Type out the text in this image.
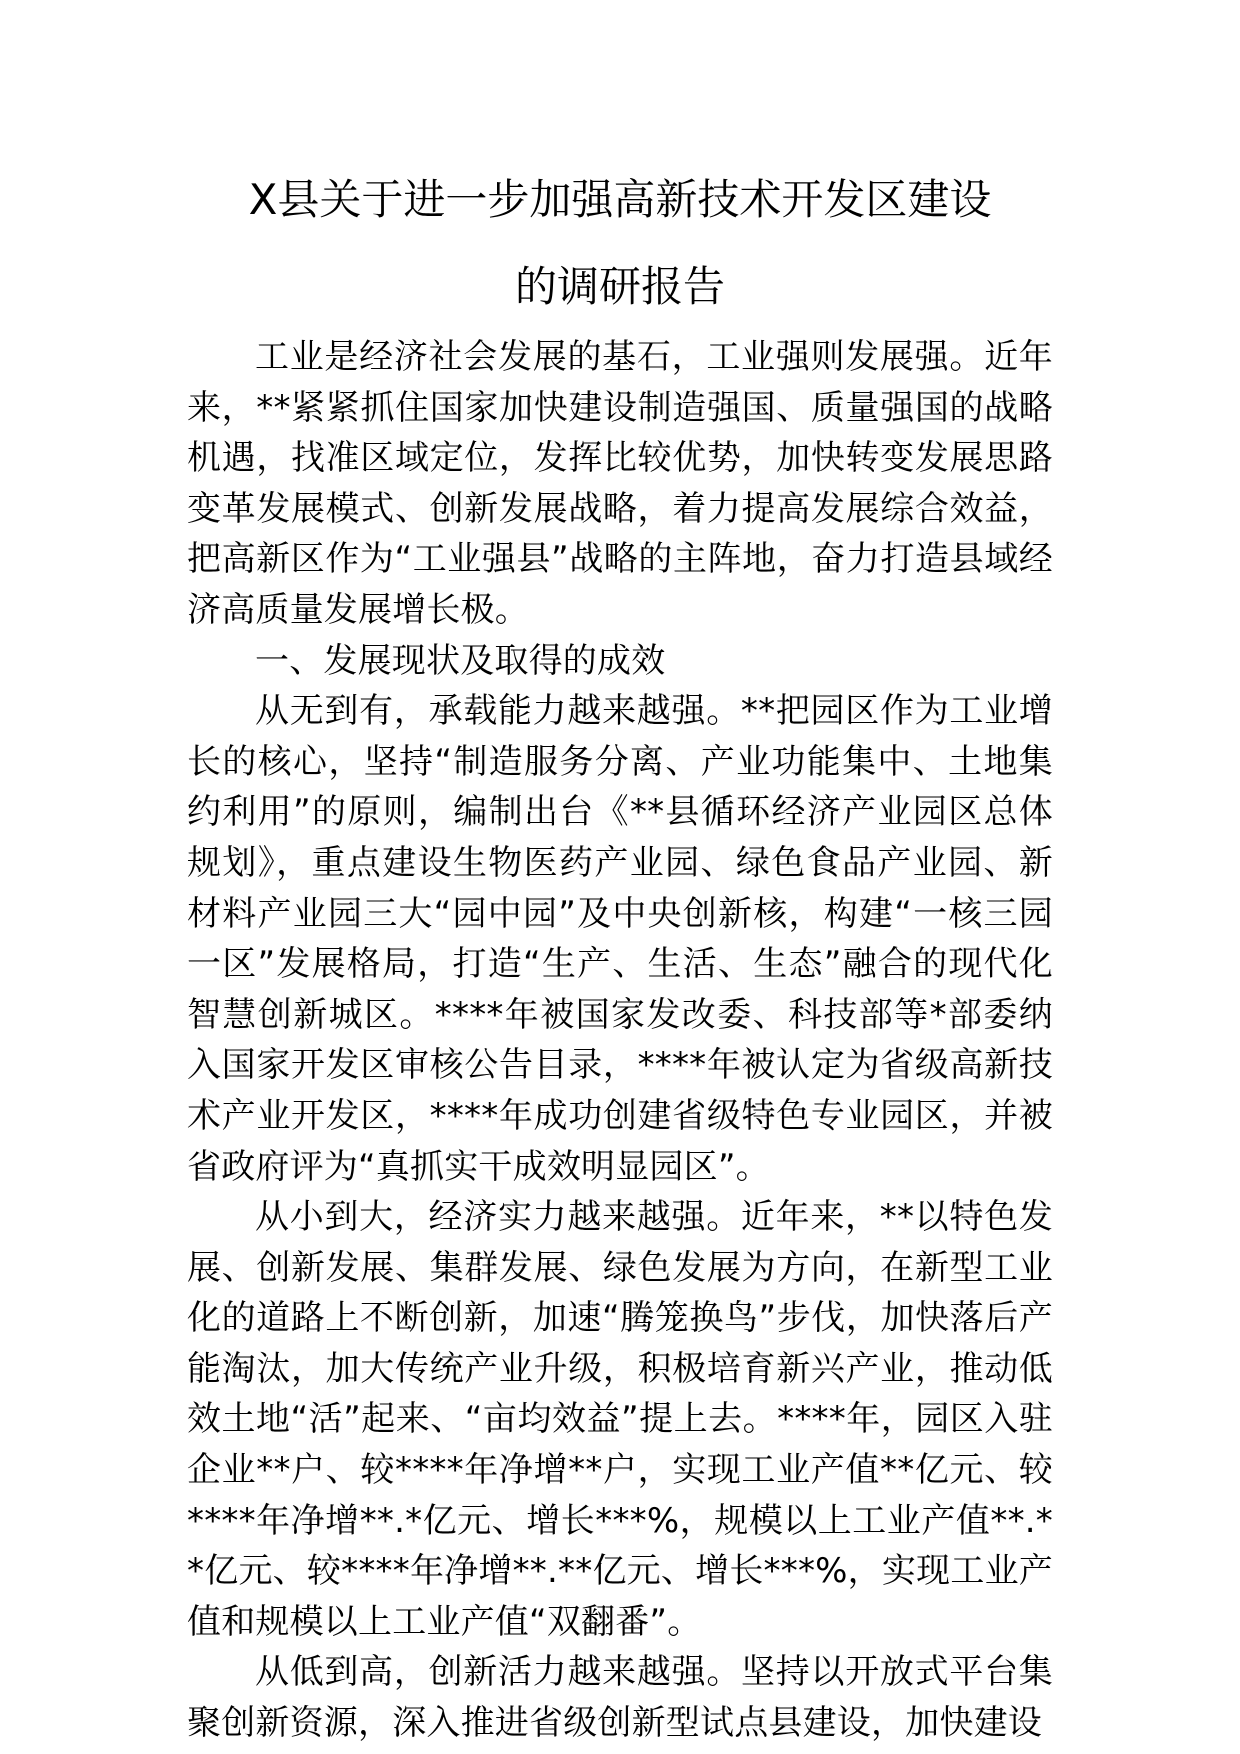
X县关于进一步加强高新技术开发区建设
的调研报告

工业是经济社会发展的基石，工业强则发展强。近年来，**紧紧抓住国家加快建设制造强国、质量强国的战略机遇，找准区域定位，发挥比较优势，加快转变发展思路变革发展模式、创新发展战略，着力提高发展综合效益，把高新区作为“工业强县”战略的主阵地，奋力打造县域经济高质量发展增长极。

一、发展现状及取得的成效

从无到有，承载能力越来越强。**把园区作为工业增长的核心，坚持“制造服务分离、产业功能集中、土地集约利用”的原则，编制出台《**县循环经济产业园区总体规划》，重点建设生物医药产业园、绿色食品产业园、新材料产业园三大“园中园”及中央创新核，构建“一核三园一区”发展格局，打造“生产、生活、生态”融合的现代化智慧创新城区。****年被国家发改委、科技部等*部委纳入国家开发区审核公告目录，****年被认定为省级高新技术产业开发区，****年成功创建省级特色专业园区，并被省政府评为“真抓实干成效明显园区”。

从小到大，经济实力越来越强。近年来，**以特色发展、创新发展、集群发展、绿色发展为方向，在新型工业化的道路上不断创新，加速“腾笼换鸟”步伐，加快落后产能淘汰，加大传统产业升级，积极培育新兴产业，推动低效土地“活”起来、“亩均效益”提上去。****年，园区入驻企业**户、较****年净增**户，实现工业产值**亿元、较****年净增**.*亿元、增长***%，规模以上工业产值**.**亿元、较****年净增**.**亿元、增长***%，实现工业产值和规模以上工业产值“双翻番”。

从低到高，创新活力越来越强。坚持以开放式平台集聚创新资源，深入推进省级创新型试点县建设，加快建设
